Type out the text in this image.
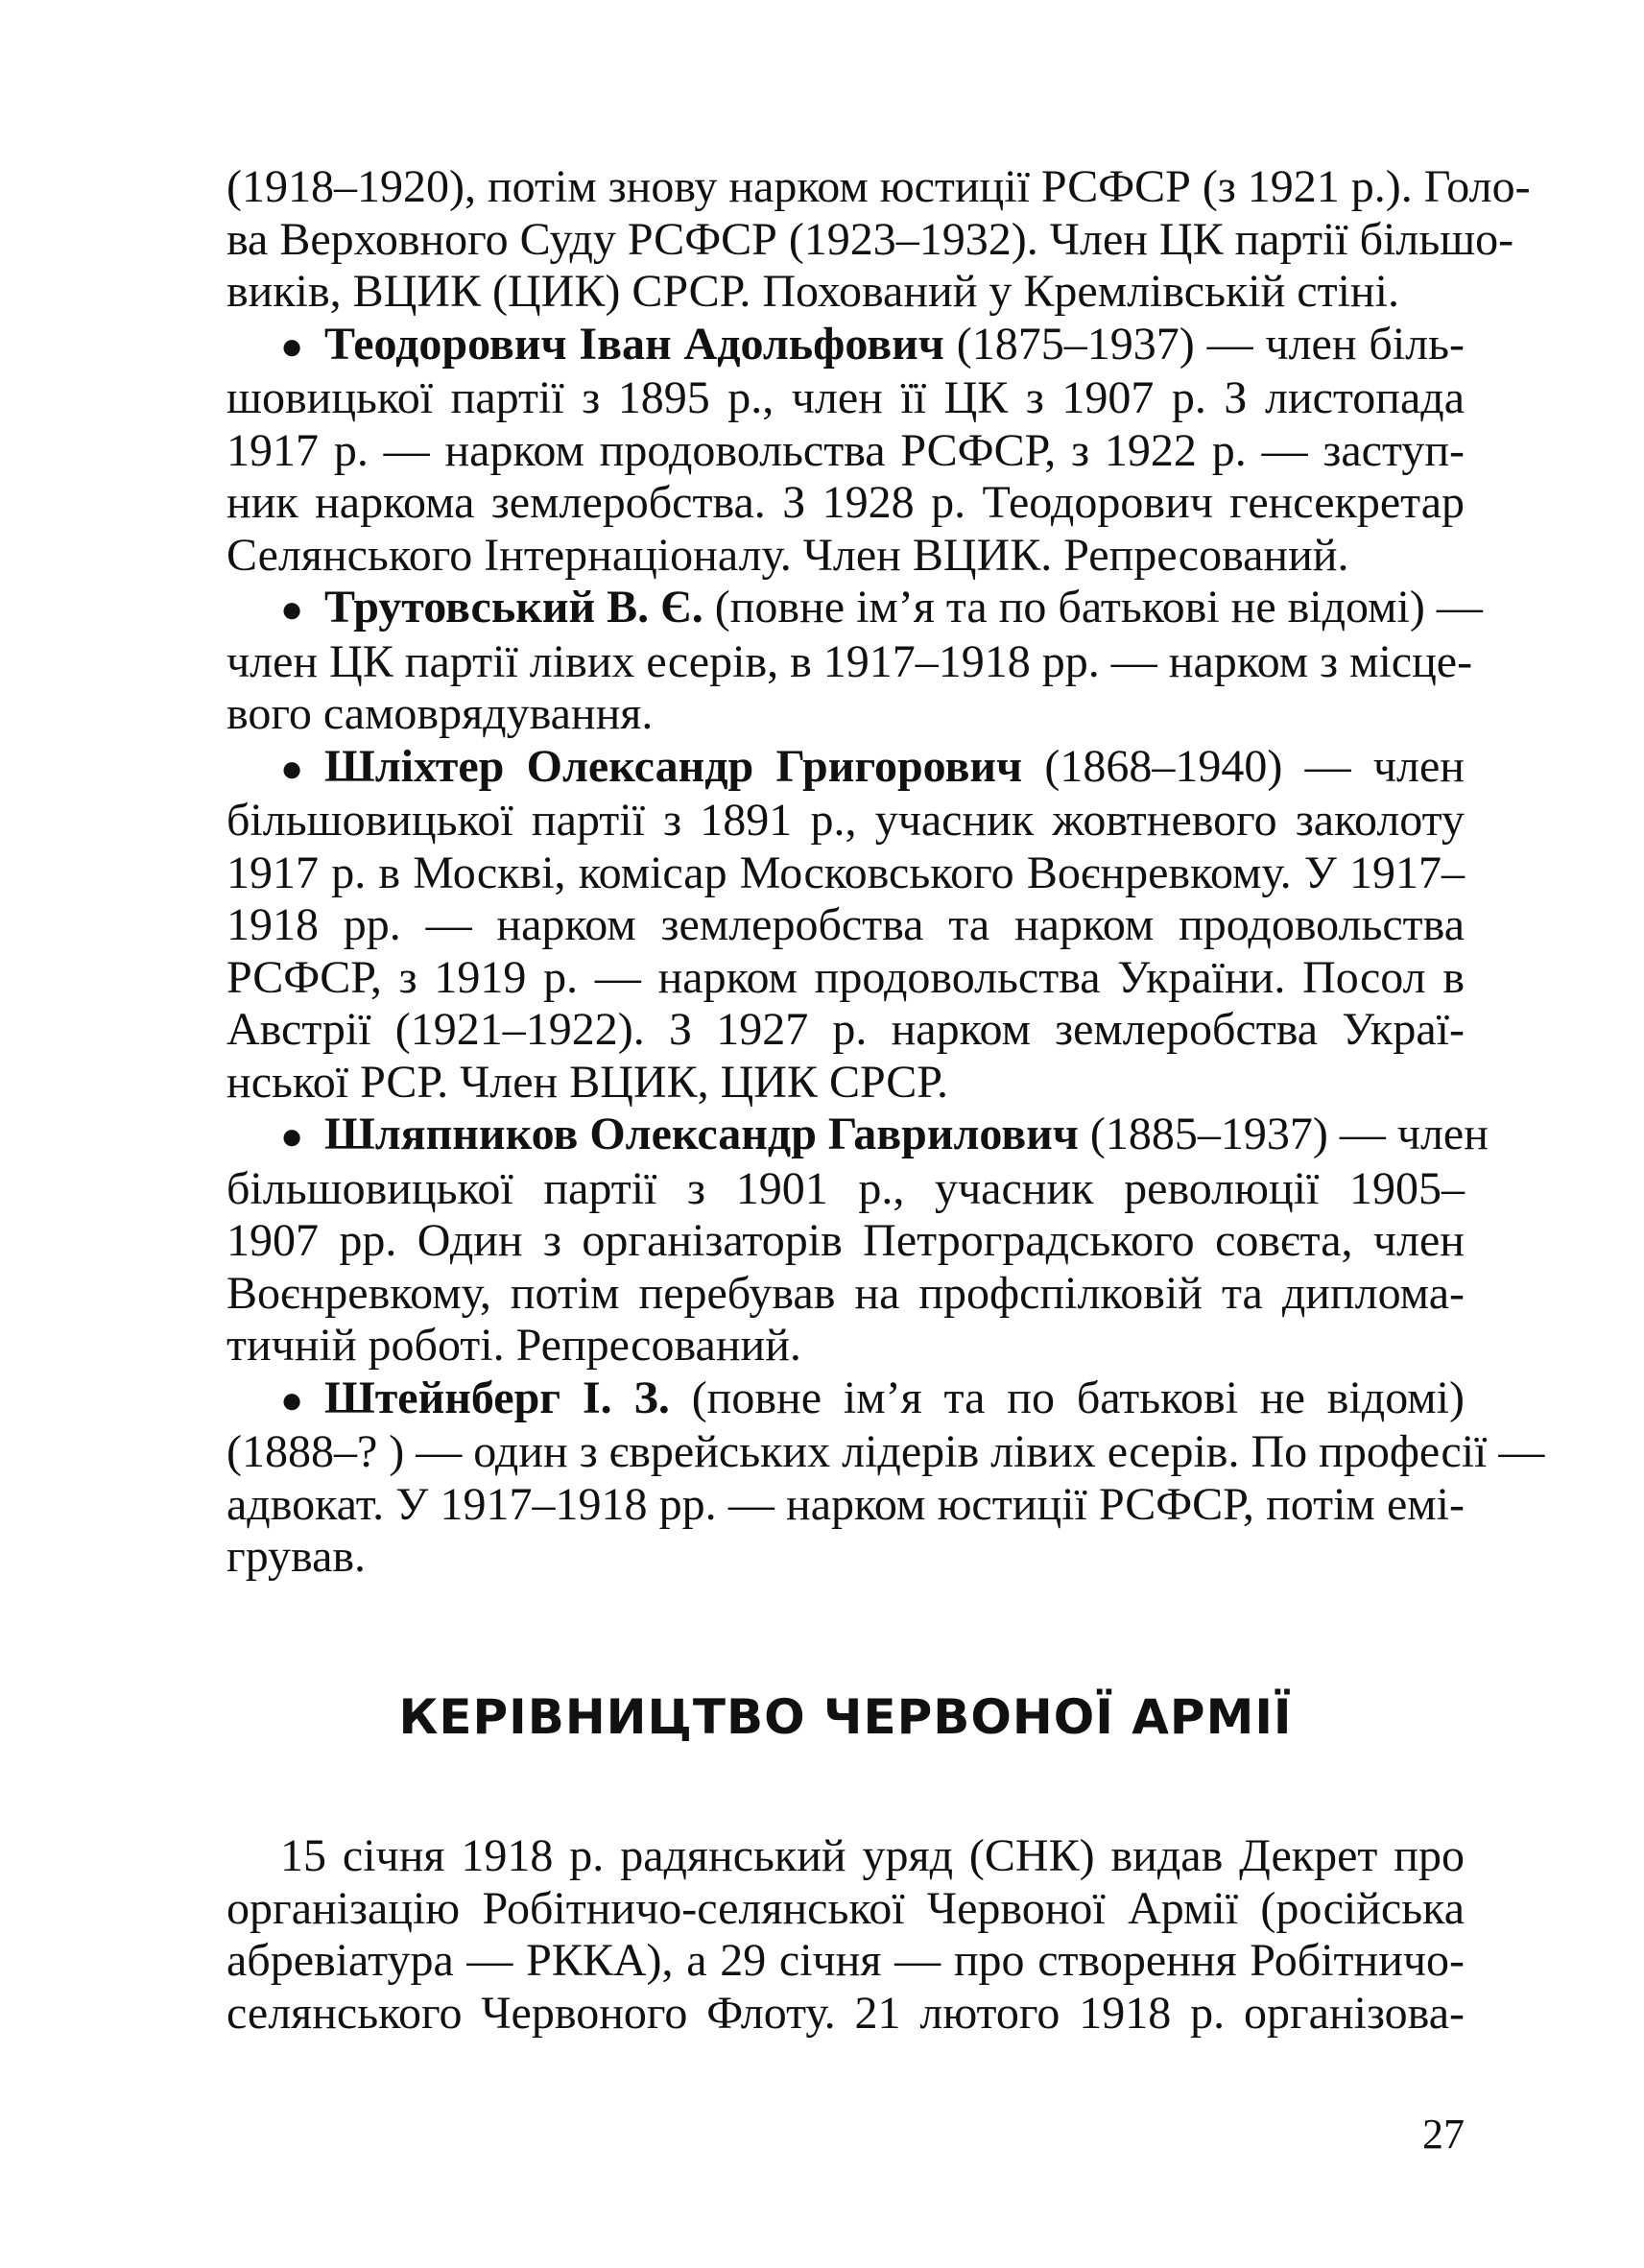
(1918–1920), потім знову нарком юстиції РСФСР (з 1921 р.). Голо-
ва Верховного Суду РСФСР (1923–1932). Член ЦК партії більшо-
виків, ВЦИК (ЦИК) СРСР. Похований у Кремлівській стіні.
● Теодорович Іван Адольфович (1875–1937) — член біль-
шовицької партії з 1895 р., член її ЦК з 1907 р. З листопада
1917 р. — нарком продовольства РСФСР, з 1922 р. — заступ-
ник наркома землеробства. З 1928 р. Теодорович генсекретар
Селянського Інтернаціоналу. Член ВЦИК. Репресований.
● Трутовський В. Є. (повне ім’я та по батькові не відомі) —
член ЦК партії лівих есерів, в 1917–1918 рр. — нарком з місце-
вого самоврядування.
● Шліхтер Олександр Григорович (1868–1940) — член
більшовицької партії з 1891 р., учасник жовтневого заколоту
1917 р. в Москві, комісар Московського Воєнревкому. У 1917–
1918 рр. — нарком землеробства та нарком продовольства
РСФСР, з 1919 р. — нарком продовольства України. Посол в
Австрії (1921–1922). З 1927 р. нарком землеробства Украї-
нської РСР. Член ВЦИК, ЦИК СРСР.
● Шляпников Олександр Гаврилович (1885–1937) — член
більшовицької партії з 1901 р., учасник революції 1905–
1907 рр. Один з організаторів Петроградського совєта, член
Воєнревкому, потім перебував на профспілковій та диплома-
тичній роботі. Репресований.
● Штейнберг І. З. (повне ім’я та по батькові не відомі)
(1888–? ) — один з єврейських лідерів лівих есерів. По професії —
адвокат. У 1917–1918 рр. — нарком юстиції РСФСР, потім емі-
грував.
КЕРІВНИЦТВО ЧЕРВОНОЇ АРМІЇ
15 січня 1918 р. радянський уряд (СНК) видав Декрет про
організацію Робітничо-селянської Червоної Армії (російська
абревіатура — РККА), а 29 січня — про створення Робітничо-
селянського Червоного Флоту. 21 лютого 1918 р. організова-
27
